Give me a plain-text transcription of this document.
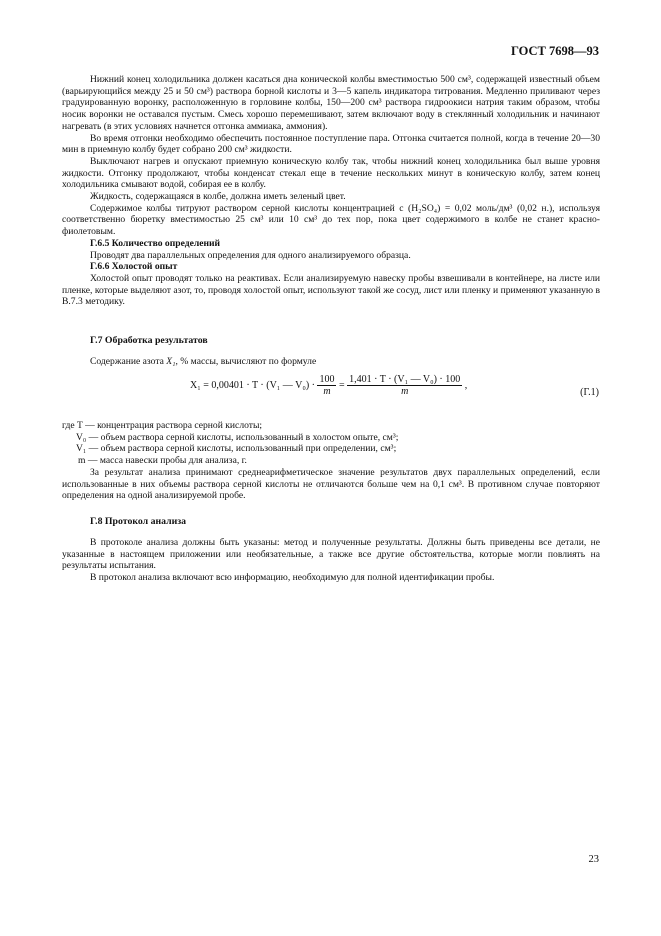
ГОСТ 7698—93

Нижний конец холодильника должен касаться дна конической колбы вместимостью 500 см³, содержащей известный объем (варьирующийся между 25 и 50 см³) раствора борной кислоты и 3—5 капель индикатора титрования. Медленно приливают через градуированную воронку, расположенную в горловине колбы, 150—200 см³ раствора гидроокиси натрия таким образом, чтобы носик воронки не оставался пустым. Смесь хорошо перемешивают, затем включают воду в стеклянный холодильник и начинают нагревать (в этих условиях начнется отгонка аммиака, аммония).

Во время отгонки необходимо обеспечить постоянное поступление пара. Отгонка считается полной, когда в течение 20—30 мин в приемную колбу будет собрано 200 см³ жидкости.

Выключают нагрев и опускают приемную коническую колбу так, чтобы нижний конец холодильника был выше уровня жидкости. Отгонку продолжают, чтобы конденсат стекал еще в течение нескольких минут в коническую колбу, затем конец холодильника смывают водой, собирая ее в колбу.

Жидкость, содержащаяся в колбе, должна иметь зеленый цвет.

Содержимое колбы титруют раствором серной кислоты концентрацией c (H₂SO₄) = 0,02 моль/дм³ (0,02 н.), используя соответственно бюретку вместимостью 25 см³ или 10 см³ до тех пор, пока цвет содержимого в колбе не станет красно-фиолетовым.

Г.6.5 Количество определений

Проводят два параллельных определения для одного анализируемого образца.

Г.6.6 Холостой опыт

Холостой опыт проводят только на реактивах. Если анализируемую навеску пробы взвешивали в контейнере, на листе или пленке, которые выделяют азот, то, проводя холостой опыт, используют такой же сосуд, лист или пленку и применяют указанную в В.7.3 методику.

Г.7 Обработка результатов

Содержание азота X₁, % массы, вычисляют по формуле

X₁ = 0,00401 · T · (V₁ — $V_0) \cdot \frac{100}{m} = \frac{\text{1,401 · T · (V₁ — V₀) · 100}}{m}$ ,
(Г.1)

где T — концентрация раствора серной кислоты;

V₀ — объем раствора серной кислоты, использованный в холостом опыте, см³;

V₁ — объем раствора серной кислоты, использованный при определении, см³;

m — масса навески пробы для анализа, г.

За результат анализа принимают среднеарифметическое значение результатов двух параллельных определений, если использованные в них объемы раствора серной кислоты не отличаются больше чем на 0,1 см³. В противном случае повторяют определения на одной анализируемой пробе.

Г.8 Протокол анализа

В протоколе анализа должны быть указаны: метод и полученные результаты. Должны быть приведены все детали, не указанные в настоящем приложении или необязательные, а также все другие обстоятельства, которые могли повлиять на результаты испытания.

В протокол анализа включают всю информацию, необходимую для полной идентификации пробы.

23
